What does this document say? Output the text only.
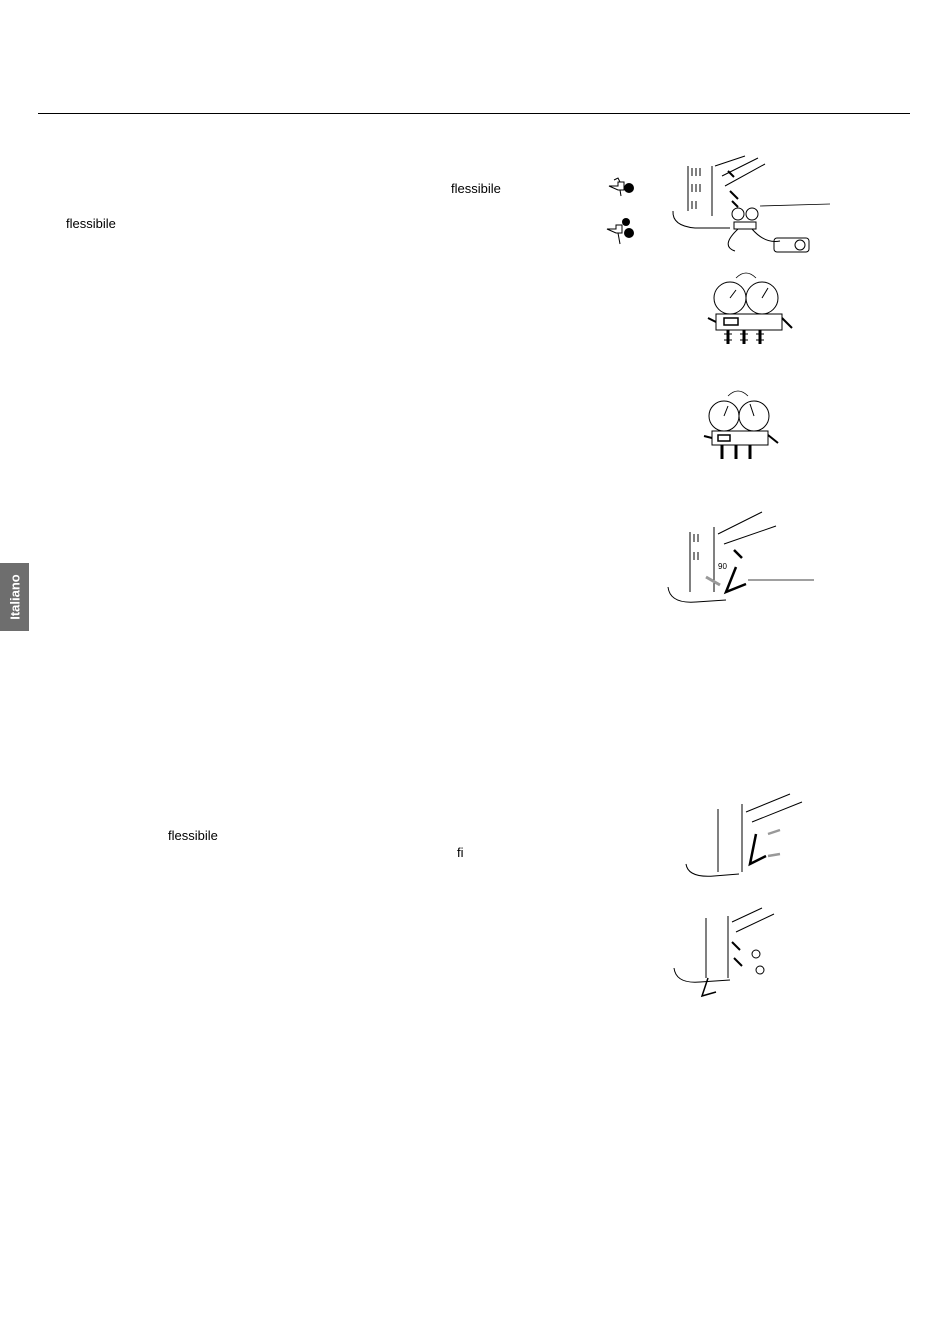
Italiano
flessibile
flessibile
flessibile
fi
90
